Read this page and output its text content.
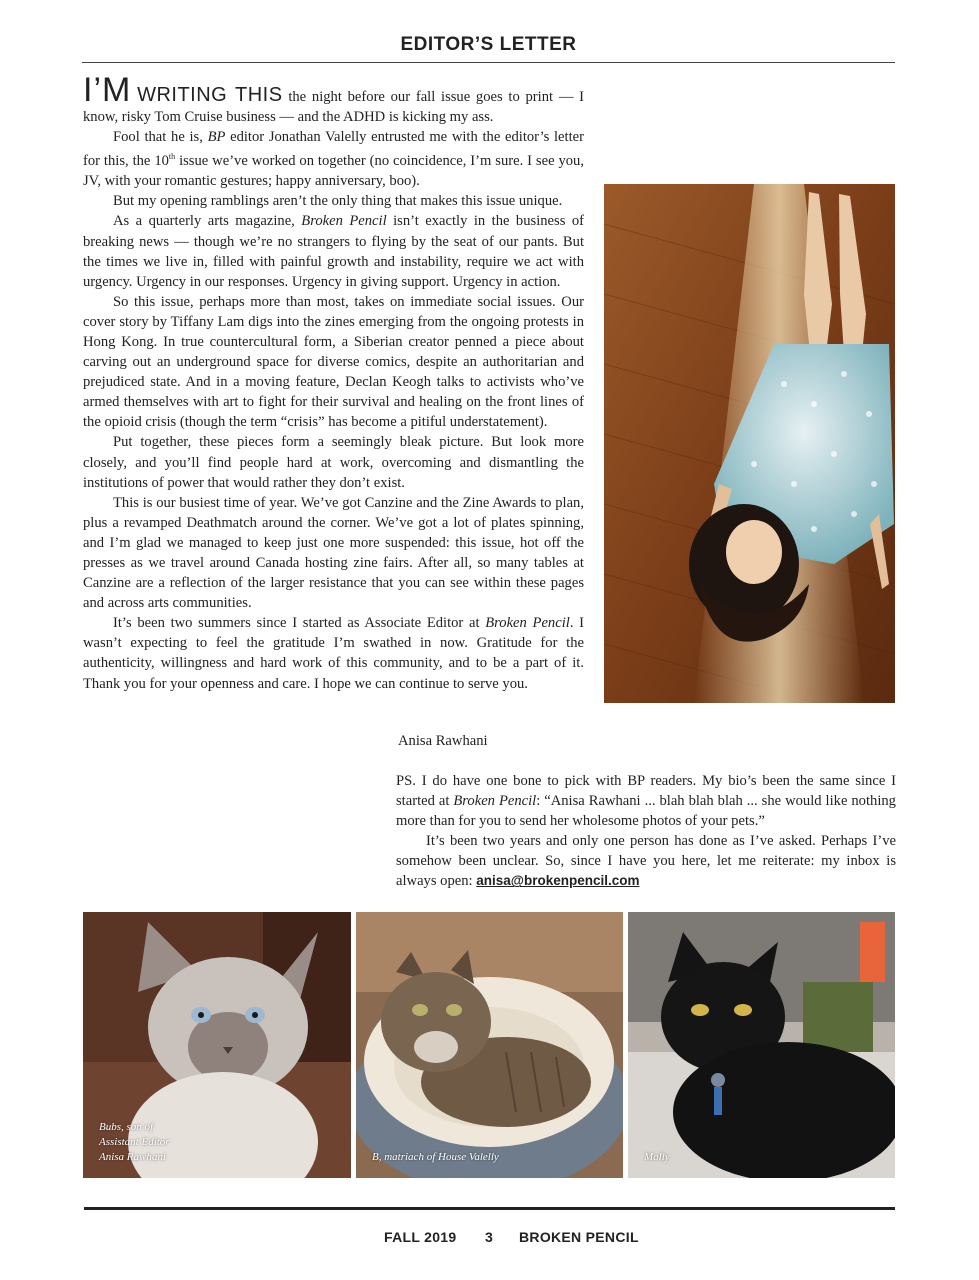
EDITOR’S LETTER

I’M WRITING THIS the night before our fall issue goes to print — I know, risky Tom Cruise business — and the ADHD is kicking my ass.

Fool that he is, BP editor Jonathan Valelly entrusted me with the editor’s letter for this, the 10th issue we’ve worked on together (no coincidence, I’m sure. I see you, JV, with your romantic gestures; happy anniversary, boo).

But my opening ramblings aren’t the only thing that makes this issue unique.

As a quarterly arts magazine, Broken Pencil isn’t exactly in the business of breaking news — though we’re no strangers to flying by the seat of our pants. But the times we live in, filled with painful growth and instability, require we act with urgency. Urgency in our responses. Urgency in giving support. Urgency in action.

So this issue, perhaps more than most, takes on immediate social issues. Our cover story by Tiffany Lam digs into the zines emerging from the ongoing protests in Hong Kong. In true countercultural form, a Siberian creator penned a piece about carving out an underground space for diverse comics, despite an authoritarian and prejudiced state. And in a moving feature, Declan Keogh talks to activists who’ve armed themselves with art to fight for their survival and healing on the front lines of the opioid crisis (though the term “crisis” has become a pitiful understatement).

Put together, these pieces form a seemingly bleak picture. But look more closely, and you’ll find people hard at work, overcoming and dismantling the institutions of power that would rather they don’t exist.

This is our busiest time of year. We’ve got Canzine and the Zine Awards to plan, plus a revamped Deathmatch around the corner. We’ve got a lot of plates spinning, and I’m glad we managed to keep just one more suspended: this issue, hot off the presses as we travel around Canada hosting zine fairs. After all, so many tables at Canzine are a reflection of the larger resistance that you can see within these pages and across arts communities.

It’s been two summers since I started as Associate Editor at Broken Pencil. I wasn’t expecting to feel the gratitude I’m swathed in now. Gratitude for the authenticity, willingness and hard work of this community, and to be a part of it. Thank you for your openness and care. I hope we can continue to serve you.

Anisa Rawhani

PS. I do have one bone to pick with BP readers. My bio’s been the same since I started at Broken Pencil: “Anisa Rawhani ... blah blah blah ... she would like nothing more than for you to send her wholesome photos of your pets.”

It’s been two years and only one person has done as I’ve asked. Perhaps I’ve somehow been unclear. So, since I have you here, let me reiterate: my inbox is always open: anisa@brokenpencil.com

Bubs, son of
Assistant Editor
Anisa Rawhani	B, matriach of House Valelly	Molly
FALL 2019 3 BROKEN PENCIL
